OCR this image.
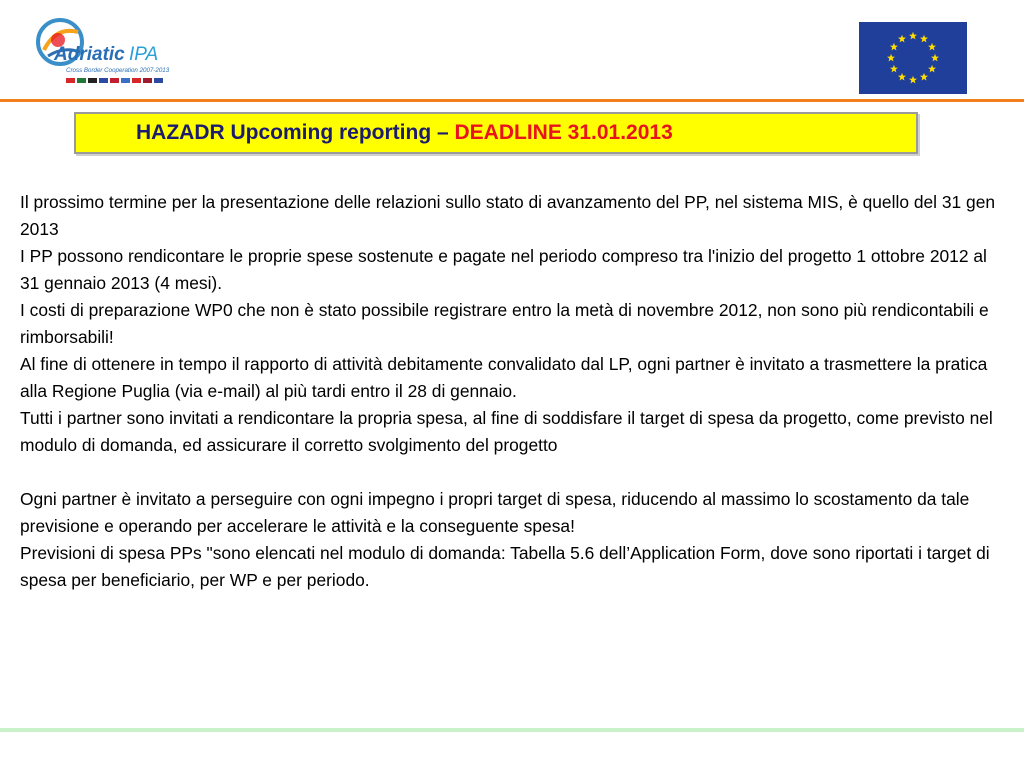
Adriatic IPA
Cross Border Cooperation 2007-2013
HAZADR Upcoming reporting – DEADLINE 31.01.2013

Il prossimo termine per la presentazione delle relazioni sullo stato di avanzamento del PP, nel sistema MIS, è quello del 31 gen 2013

I PP possono rendicontare le proprie spese sostenute e pagate nel periodo compreso tra l'inizio del progetto 1 ottobre 2012 al 31 gennaio 2013 (4 mesi).

I costi di preparazione WP0 che non è stato possibile registrare entro la metà di novembre 2012, non sono più rendicontabili e rimborsabili!

Al fine di ottenere in tempo il rapporto di attività debitamente convalidato dal LP, ogni partner è invitato a trasmettere la pratica alla Regione Puglia (via e-mail) al più tardi entro il 28 di gennaio.

Tutti i partner sono invitati a rendicontare la propria spesa, al fine di soddisfare il target di spesa da progetto, come previsto nel modulo di domanda, ed assicurare il corretto svolgimento del progetto

Ogni partner è invitato a perseguire con ogni impegno i propri target di spesa, riducendo al massimo lo scostamento da tale previsione e operando per accelerare le attività e la conseguente spesa!

Previsioni di spesa PPs "sono elencati nel modulo di domanda: Tabella 5.6 dell’Application Form, dove sono riportati i target di spesa per beneficiario, per WP e per periodo.
